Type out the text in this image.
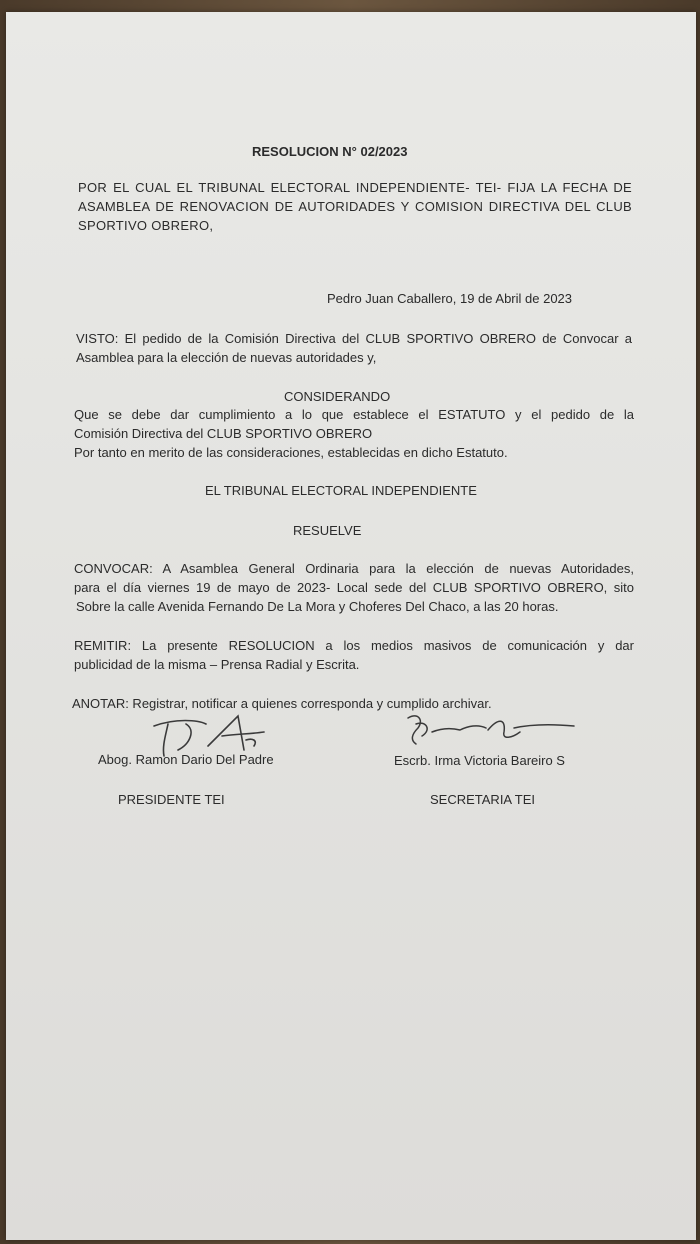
RESOLUCION N° 02/2023
POR EL CUAL EL TRIBUNAL ELECTORAL INDEPENDIENTE- TEI- FIJA LA FECHA DE
ASAMBLEA DE RENOVACION DE AUTORIDADES Y COMISION DIRECTIVA DEL CLUB
SPORTIVO OBRERO,
Pedro Juan Caballero, 19 de Abril de 2023
VISTO: El pedido de la Comisión Directiva del CLUB SPORTIVO OBRERO de Convocar a
Asamblea para la elección de nuevas autoridades y,
CONSIDERANDO
Que se debe dar cumplimiento a lo que establece el ESTATUTO y el pedido de la
Comisión Directiva del CLUB SPORTIVO OBRERO
Por tanto en merito de las consideraciones, establecidas en dicho Estatuto.
EL TRIBUNAL ELECTORAL INDEPENDIENTE
RESUELVE
CONVOCAR: A Asamblea General Ordinaria para la elección de nuevas Autoridades,
para el día viernes 19 de mayo de 2023- Local sede del CLUB SPORTIVO OBRERO, sito
Sobre la calle Avenida Fernando De La Mora y Choferes Del Chaco, a las 20 horas.
REMITIR: La presente RESOLUCION a los medios masivos de comunicación y dar
publicidad de la misma – Prensa Radial y Escrita.
ANOTAR: Registrar, notificar a quienes corresponda y cumplido archivar.
Abog. Ramon Dario Del Padre	Escrb. Irma Victoria Bareiro S
PRESIDENTE TEI	SECRETARIA TEI
